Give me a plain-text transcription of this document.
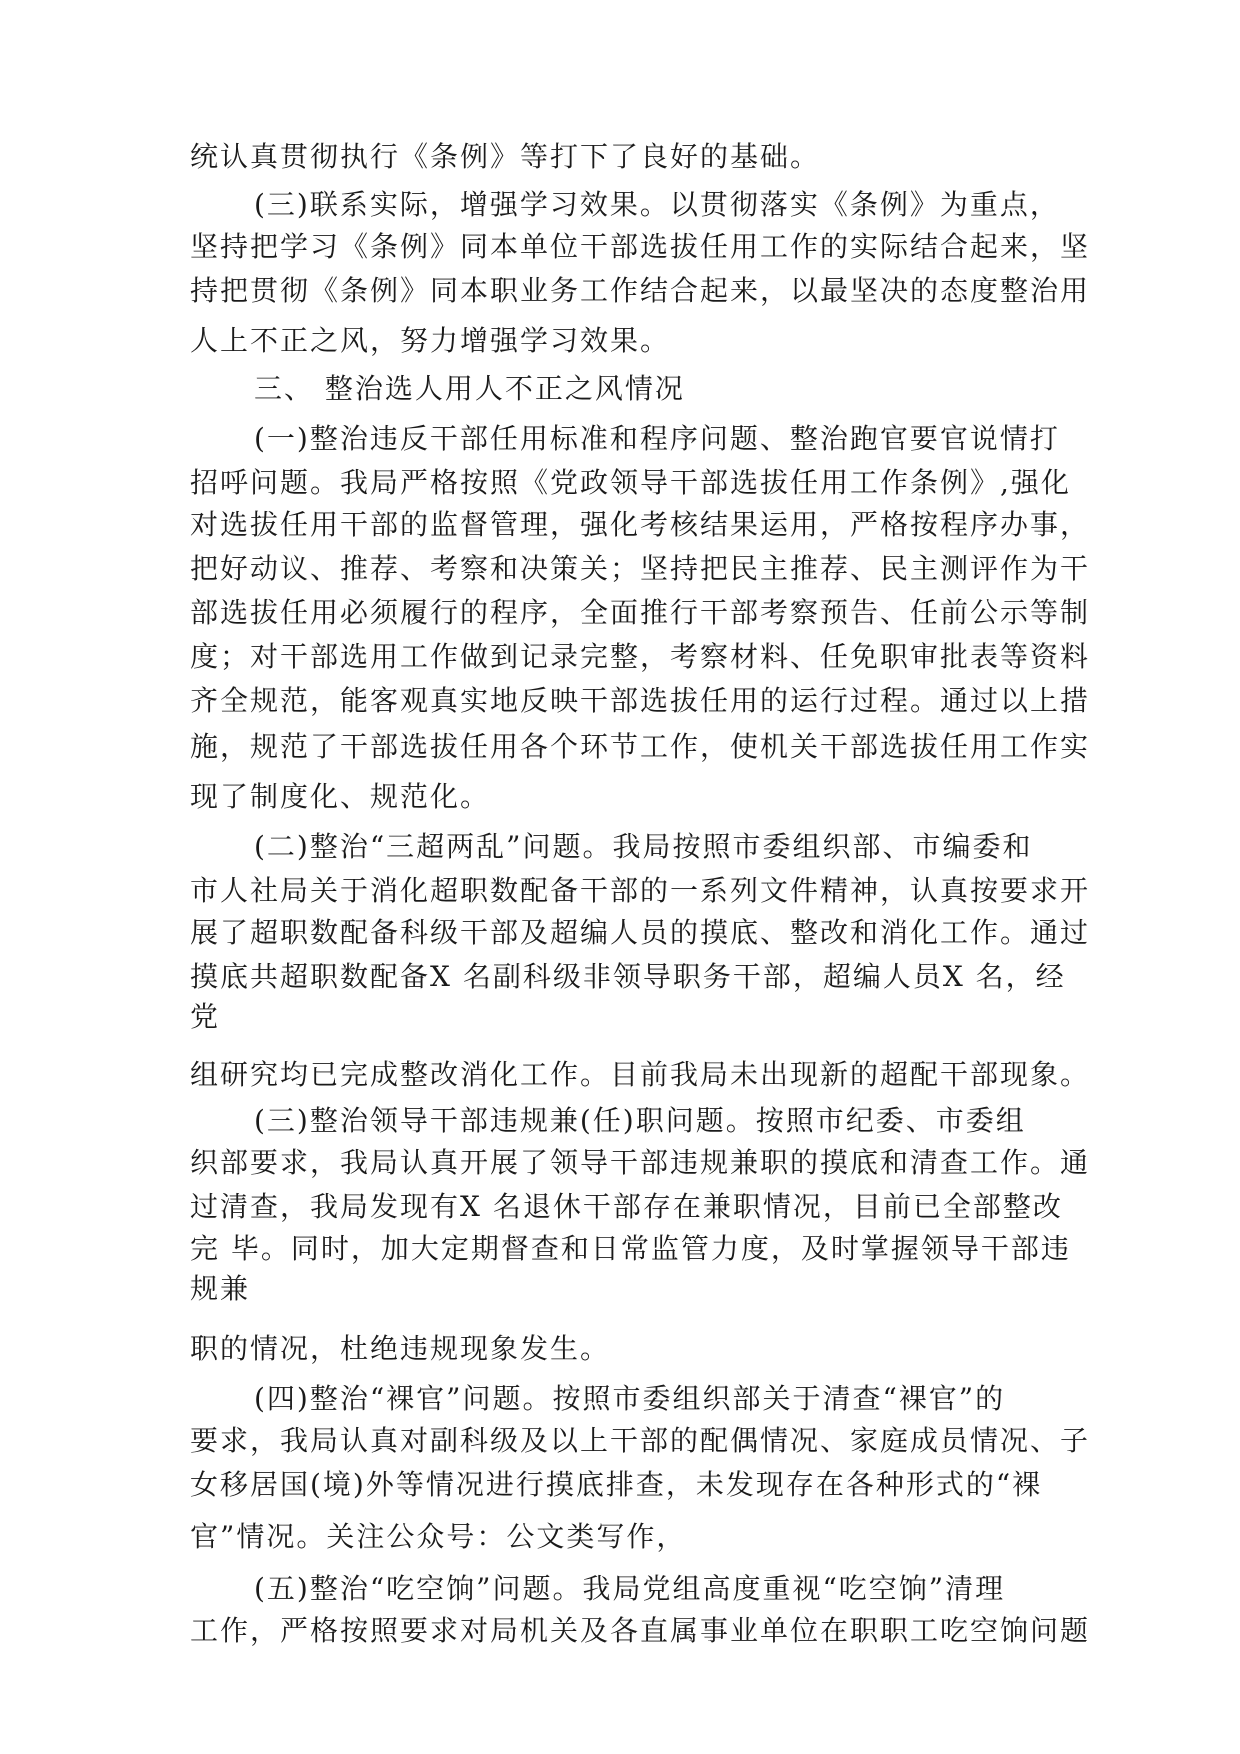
统认真贯彻执行《条例》等打下了良好的基础。
(三)联系实际，增强学习效果。以贯彻落实《条例》为重点，
坚持把学习《条例》同本单位干部选拔任用工作的实际结合起来，坚
持把贯彻《条例》同本职业务工作结合起来，以最坚决的态度整治用
人上不正之风，努力增强学习效果。
三、 整治选人用人不正之风情况
(一)整治违反干部任用标准和程序问题、整治跑官要官说情打
招呼问题。我局严格按照《党政领导干部选拔任用工作条例》,强化
对选拔任用干部的监督管理，强化考核结果运用，严格按程序办事，
把好动议、推荐、考察和决策关；坚持把民主推荐、民主测评作为干
部选拔任用必须履行的程序，全面推行干部考察预告、任前公示等制
度；对干部选用工作做到记录完整，考察材料、任免职审批表等资料
齐全规范，能客观真实地反映干部选拔任用的运行过程。通过以上措
施，规范了干部选拔任用各个环节工作，使机关干部选拔任用工作实
现了制度化、规范化。
(二)整治“三超两乱”问题。我局按照市委组织部、市编委和
市人社局关于消化超职数配备干部的一系列文件精神，认真按要求开
展了超职数配备科级干部及超编人员的摸底、整改和消化工作。通过
摸底共超职数配备X 名副科级非领导职务干部，超编人员X 名，经
党
组研究均已完成整改消化工作。目前我局未出现新的超配干部现象。
(三)整治领导干部违规兼(任)职问题。按照市纪委、市委组
织部要求，我局认真开展了领导干部违规兼职的摸底和清查工作。通
过清查，我局发现有X 名退休干部存在兼职情况，目前已全部整改
完 毕。同时，加大定期督查和日常监管力度，及时掌握领导干部违
规兼
职的情况，杜绝违规现象发生。
(四)整治“裸官”问题。按照市委组织部关于清查“裸官”的
要求，我局认真对副科级及以上干部的配偶情况、家庭成员情况、子
女移居国(境)外等情况进行摸底排查，未发现存在各种形式的“裸
官”情况。关注公众号：公文类写作，
(五)整治“吃空饷”问题。我局党组高度重视“吃空饷”清理
工作，严格按照要求对局机关及各直属事业单位在职职工吃空饷问题
